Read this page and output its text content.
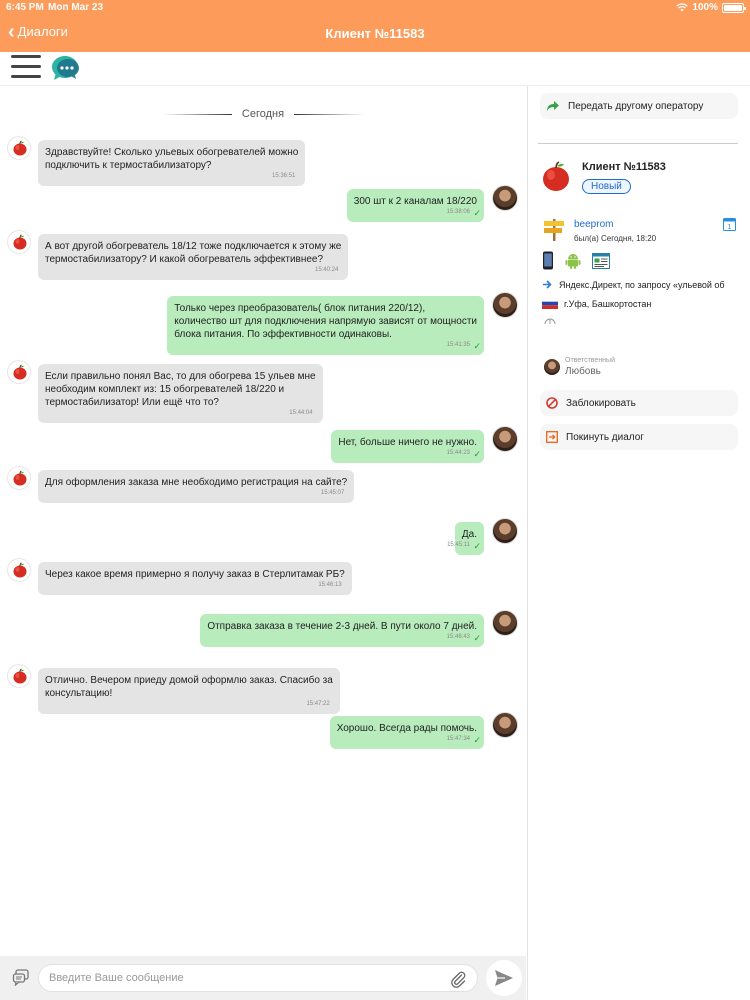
6:45 PM Mon Mar 23	100%
‹ Диалоги	Клиент №11583
Сегодня
Здравствуйте! Сколько ульевых обогревателей можно
подключить к термостабилизатору?
15:36:51
300 шт к 2 каналам 18/220
15:38:06 ✓
А вот другой обогреватель 18/12 тоже подключается к этому же
термостабилизатору? И какой обогреватель эффективнее?
15:40:24
Только через преобразователь( блок питания 220/12),
количество шт для подключения напрямую зависят от мощности
блока питания. По эффективности одинаковы.
15:41:35 ✓
Если правильно понял Вас, то для обогрева 15 ульев мне
необходим комплект из: 15 обогревателей 18/220 и
термостабилизатор! Или ещё что то?
15:44:04
Нет, больше ничего не нужно.
15:44:23 ✓
Для оформления заказа мне необходимо регистрация на сайте?
15:45:07
Да.
15:45:11 ✓
Через какое время примерно я получу заказ в Стерлитамак РБ?
15:46:13
Отправка заказа в течение 2-3 дней. В пути около 7 дней.
15:46:43 ✓
Отлично. Вечером приеду домой оформлю заказ. Спасибо за
консультацию!
15:47:22
Хорошо. Всегда рады помочь.
15:47:34 ✓
Введите Ваше сообщение
Передать другому оператору
Клиент №11583
Новый
beeprom	1
был(а) Сегодня, 18:20
Яндекс.Директ, по запросу «ульевой об
г.Уфа, Башкортостан
Ответственный
Любовь
Заблокировать
Покинуть диалог
